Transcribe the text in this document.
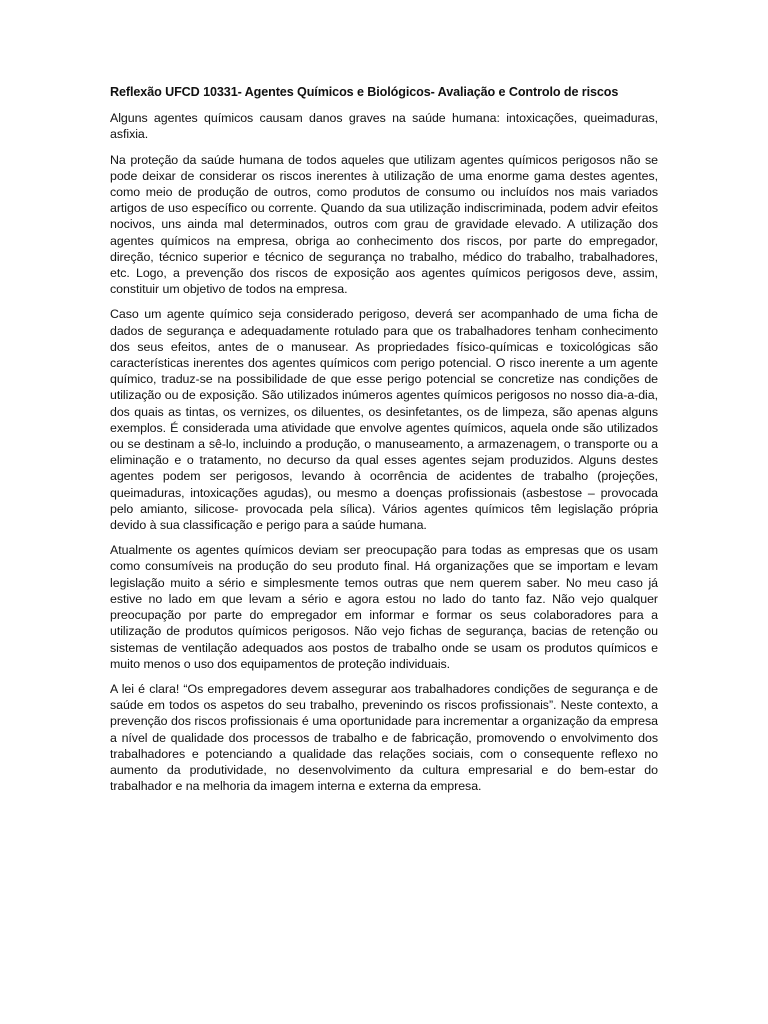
Reflexão UFCD 10331- Agentes Químicos e Biológicos- Avaliação e Controlo de riscos

Alguns agentes químicos causam danos graves na saúde humana: intoxicações, queimaduras, asfixia.

Na proteção da saúde humana de todos aqueles que utilizam agentes químicos perigosos não se pode deixar de considerar os riscos inerentes à utilização de uma enorme gama destes agentes, como meio de produção de outros, como produtos de consumo ou incluídos nos mais variados artigos de uso específico ou corrente. Quando da sua utilização indiscriminada, podem advir efeitos nocivos, uns ainda mal determinados, outros com grau de gravidade elevado. A utilização dos agentes químicos na empresa, obriga ao conhecimento dos riscos, por parte do empregador, direção, técnico superior e técnico de segurança no trabalho, médico do trabalho, trabalhadores, etc. Logo, a prevenção dos riscos de exposição aos agentes químicos perigosos deve, assim, constituir um objetivo de todos na empresa.

Caso um agente químico seja considerado perigoso, deverá ser acompanhado de uma ficha de dados de segurança e adequadamente rotulado para que os trabalhadores tenham conhecimento dos seus efeitos, antes de o manusear. As propriedades físico-químicas e toxicológicas são características inerentes dos agentes químicos com perigo potencial. O risco inerente a um agente químico, traduz-se na possibilidade de que esse perigo potencial se concretize nas condições de utilização ou de exposição. São utilizados inúmeros agentes químicos perigosos no nosso dia-a-dia, dos quais as tintas, os vernizes, os diluentes, os desinfetantes, os de limpeza, são apenas alguns exemplos. É considerada uma atividade que envolve agentes químicos, aquela onde são utilizados ou se destinam a sê-lo, incluindo a produção, o manuseamento, a armazenagem, o transporte ou a eliminação e o tratamento, no decurso da qual esses agentes sejam produzidos. Alguns destes agentes podem ser perigosos, levando à ocorrência de acidentes de trabalho (projeções, queimaduras, intoxicações agudas), ou mesmo a doenças profissionais (asbestose – provocada pelo amianto, silicose- provocada pela sílica). Vários agentes químicos têm legislação própria devido à sua classificação e perigo para a saúde humana.

Atualmente os agentes químicos deviam ser preocupação para todas as empresas que os usam como consumíveis na produção do seu produto final. Há organizações que se importam e levam legislação muito a sério e simplesmente temos outras que nem querem saber. No meu caso já estive no lado em que levam a sério e agora estou no lado do tanto faz. Não vejo qualquer preocupação por parte do empregador em informar e formar os seus colaboradores para a utilização de produtos químicos perigosos. Não vejo fichas de segurança, bacias de retenção ou sistemas de ventilação adequados aos postos de trabalho onde se usam os produtos químicos e muito menos o uso dos equipamentos de proteção individuais.

A lei é clara! “Os empregadores devem assegurar aos trabalhadores condições de segurança e de saúde em todos os aspetos do seu trabalho, prevenindo os riscos profissionais”. Neste contexto, a prevenção dos riscos profissionais é uma oportunidade para incrementar a organização da empresa a nível de qualidade dos processos de trabalho e de fabricação, promovendo o envolvimento dos trabalhadores e potenciando a qualidade das relações sociais, com o consequente reflexo no aumento da produtividade, no desenvolvimento da cultura empresarial e do bem-estar do trabalhador e na melhoria da imagem interna e externa da empresa.
